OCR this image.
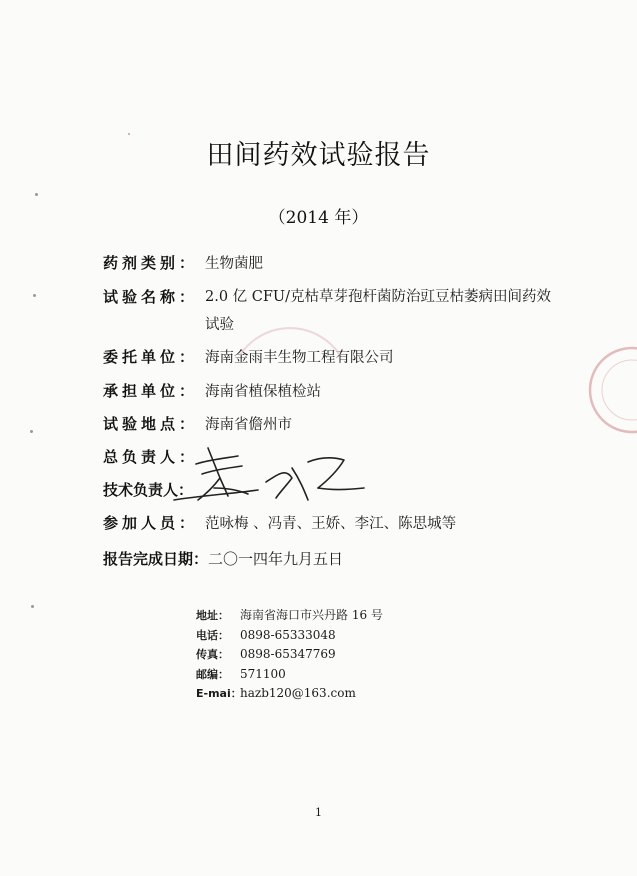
田间药效试验报告
（2014 年）
药剂类别： 生物菌肥
试验名称： 2.0 亿 CFU/克枯草芽孢杆菌防治豇豆枯萎病田间药效试验
委托单位： 海南金雨丰生物工程有限公司
承担单位： 海南省植保植检站
试验地点： 海南省儋州市
总负责人：
技术负责人：
参加人员： 范咏梅 、冯青、王娇、李江、陈思城等
报告完成日期：二〇一四年九月五日
地址： 海南省海口市兴丹路 16 号
电话： 0898-65333048
传真： 0898-65347769
邮编： 571100
E-mai：hazb120@163.com
1
